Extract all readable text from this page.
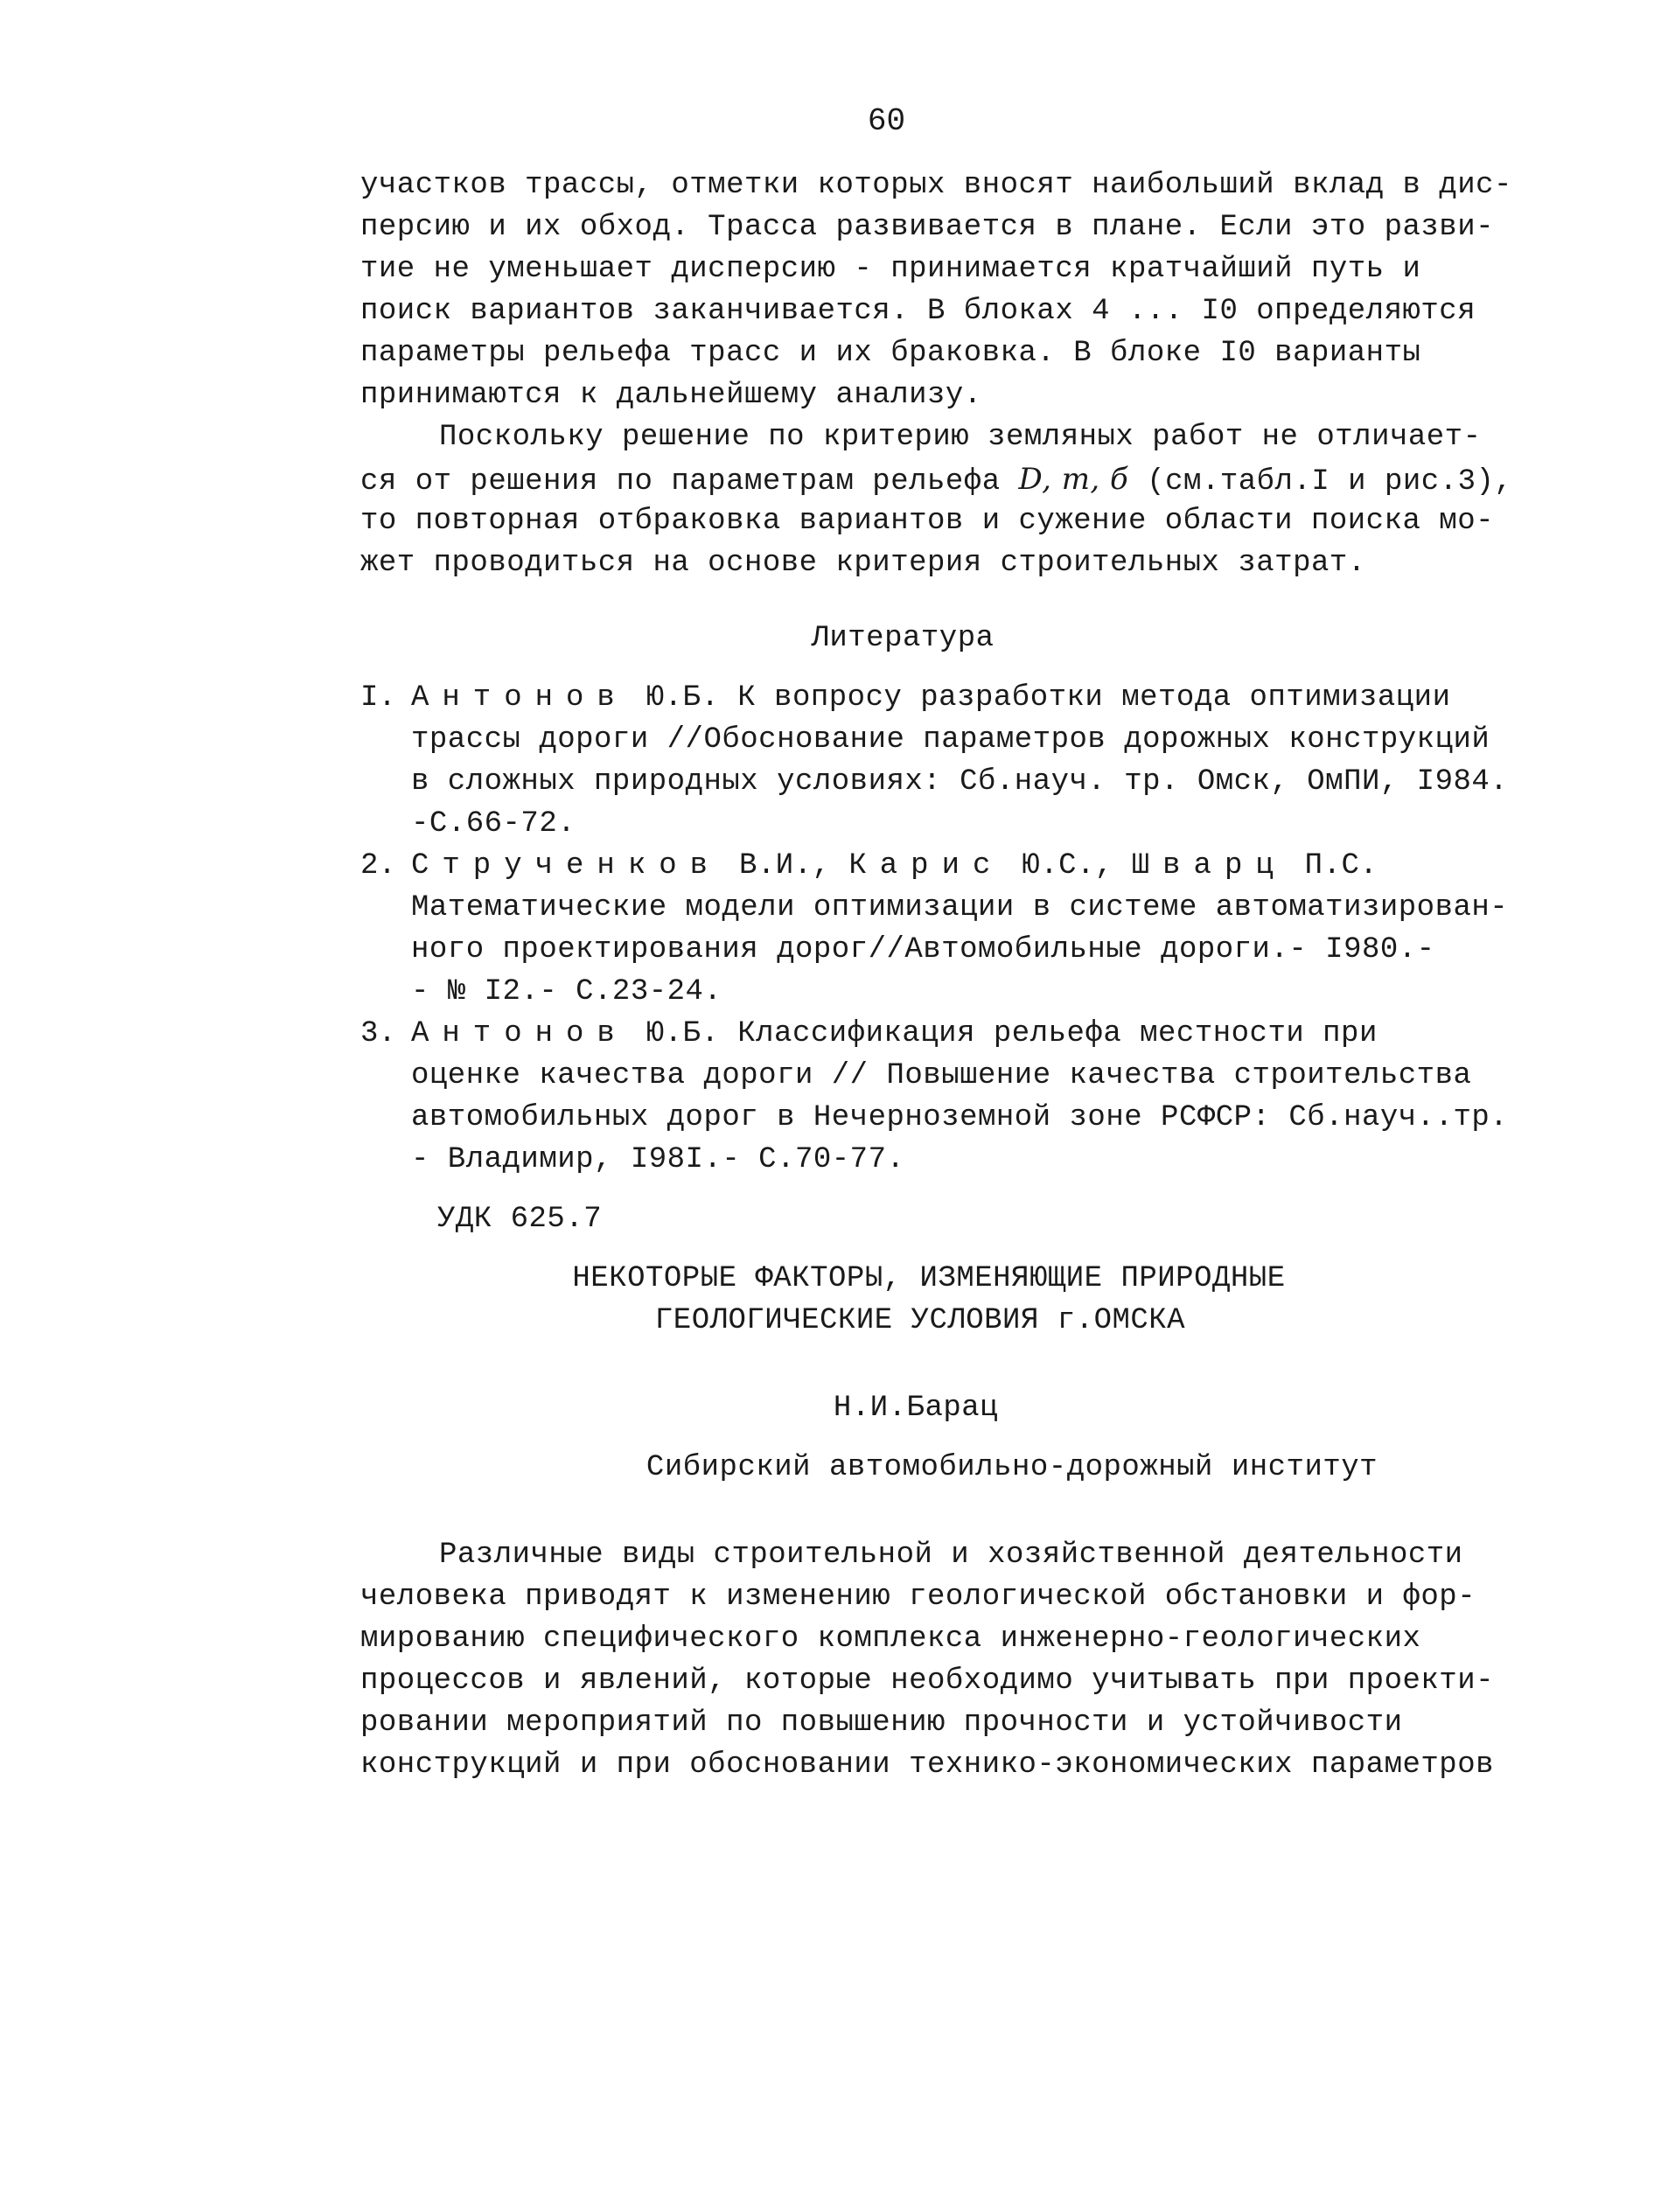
60
участков трассы, отметки которых вносят наибольший вклад в дис-
персию и их обход. Трасса развивается в плане. Если это разви-
тие не уменьшает дисперсию - принимается кратчайший путь и
поиск вариантов заканчивается. В блоках 4 ... I0 определяются
параметры рельефа трасс и их браковка. В блоке I0 варианты
принимаются к дальнейшему анализу.
Поскольку решение по критерию земляных работ не отличает-
ся от решения по параметрам рельефа D, m, б (см.табл.I и рис.3),
то повторная отбраковка вариантов и сужение области поиска мо-
жет проводиться на основе критерия строительных затрат.
Литература
I. Антонов Ю.Б. К вопросу разработки метода оптимизации
трассы дороги //Обоснование параметров дорожных конструкций
в сложных природных условиях: Сб.науч. тр. Омск, ОмПИ, I984.
-С.66-72.
2. Струченков В.И., Карис Ю.С., Шварц П.С.
Математические модели оптимизации в системе автоматизирован-
ного проектирования дорог//Автомобильные дороги.- I980.-
- № I2.- С.23-24.
3. Антонов Ю.Б. Классификация рельефа местности при
оценке качества дороги // Повышение качества строительства
автомобильных дорог в Нечерноземной зоне РСФСР: Сб.науч..тр.
- Владимир, I98I.- С.70-77.
УДК 625.7
НЕКОТОРЫЕ ФАКТОРЫ, ИЗМЕНЯЮЩИЕ ПРИРОДНЫЕ
ГЕОЛОГИЧЕСКИЕ УСЛОВИЯ г.ОМСКА
Н.И.Барац
Сибирский автомобильно-дорожный институт
Различные виды строительной и хозяйственной деятельности
человека приводят к изменению геологической обстановки и фор-
мированию специфического комплекса инженерно-геологических
процессов и явлений, которые необходимо учитывать при проекти-
ровании мероприятий по повышению прочности и устойчивости
конструкций и при обосновании технико-экономических параметров
